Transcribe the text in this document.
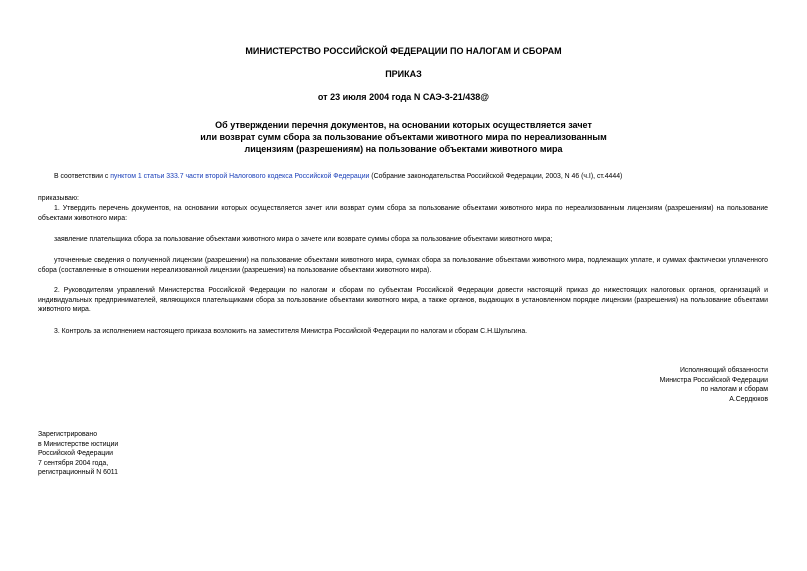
МИНИСТЕРСТВО РОССИЙСКОЙ ФЕДЕРАЦИИ ПО НАЛОГАМ И СБОРАМ
ПРИКАЗ
от 23 июля 2004 года N САЭ-3-21/438@
Об утверждении перечня документов, на основании которых осуществляется зачет
или возврат сумм сбора за пользование объектами животного мира по нереализованным
лицензиям (разрешениям) на пользование объектами животного мира

В соответствии с пунктом 1 статьи 333.7 части второй Налогового кодекса Российской Федерации (Собрание законодательства Российской Федерации, 2003, N 46 (ч.I), ст.4444)

приказываю:

1. Утвердить перечень документов, на основании которых осуществляется зачет или возврат сумм сбора за пользование объектами животного мира по нереализованным лицензиям (разрешениям) на пользование объектами животного мира:

заявление плательщика сбора за пользование объектами животного мира о зачете или возврате суммы сбора за пользование объектами животного мира;

уточненные сведения о полученной лицензии (разрешении) на пользование объектами животного мира, суммах сбора за пользование объектами животного мира, подлежащих уплате, и суммах фактически уплаченного сбора (составленные в отношении нереализованной лицензии (разрешения) на пользование объектами животного мира).

2. Руководителям управлений Министерства Российской Федерации по налогам и сборам по субъектам Российской Федерации довести настоящий приказ до нижестоящих налоговых органов, организаций и индивидуальных предпринимателей, являющихся плательщиками сбора за пользование объектами животного мира, а также органов, выдающих в установленном порядке лицензии (разрешения) на пользование объектами животного мира.

3. Контроль за исполнением настоящего приказа возложить на заместителя Министра Российской Федерации по налогам и сборам С.Н.Шульгина.

Исполняющий обязанности
Министра Российской Федерации
по налогам и сборам
А.Сердюков
Зарегистрировано
в Министерстве юстиции
Российской Федерации
7 сентября 2004 года,
регистрационный N 6011
